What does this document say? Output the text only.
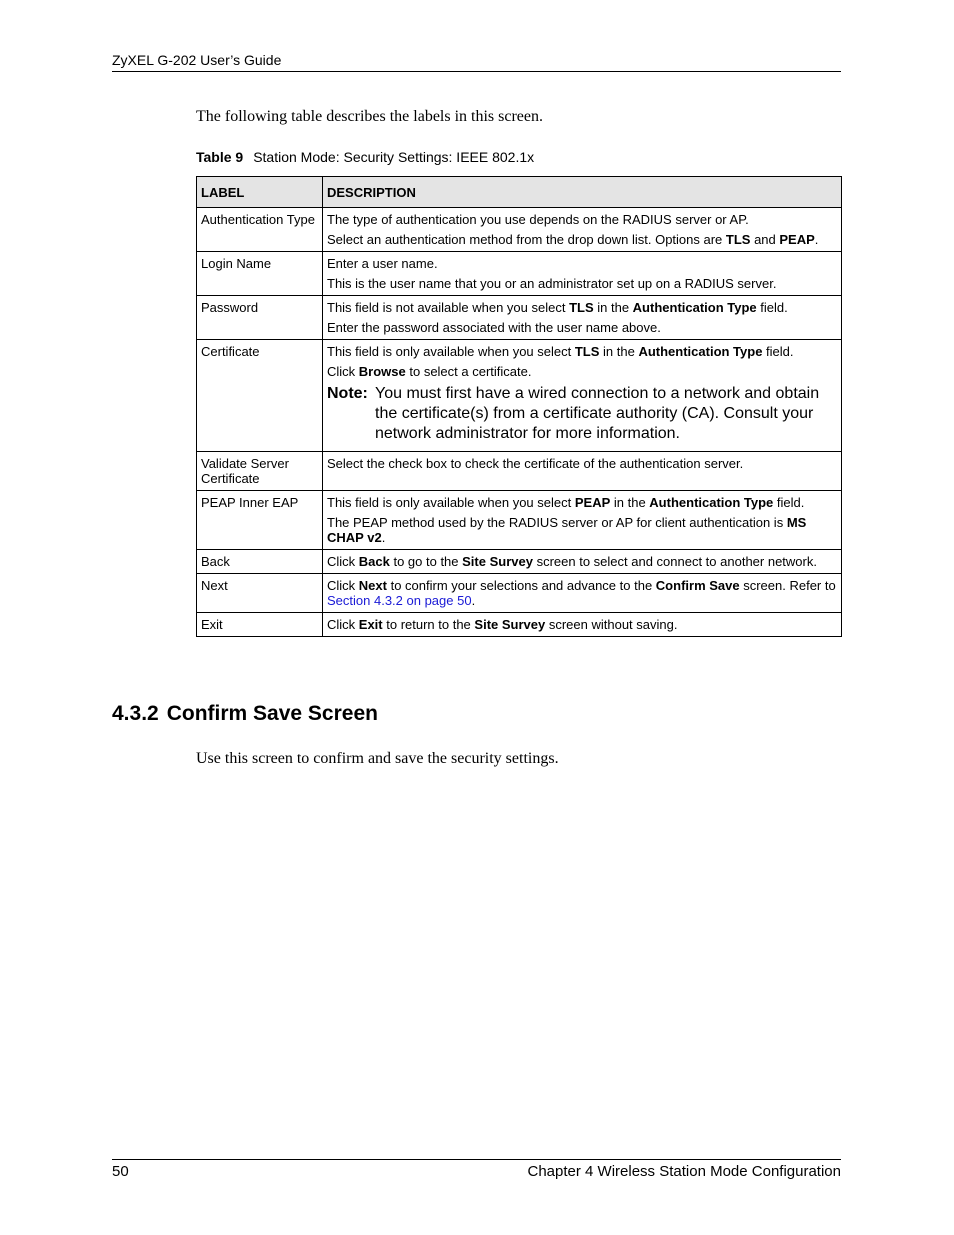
ZyXEL G-202 User’s Guide
The following table describes the labels in this screen.
Table 9 Station Mode: Security Settings: IEEE 802.1x
LABEL	DESCRIPTION
Authentication Type	The type of authentication you use depends on the RADIUS server or AP.
Select an authentication method from the drop down list. Options are TLS and PEAP.

Login Name	Enter a user name.
This is the user name that you or an administrator set up on a RADIUS server.

Password	This field is not available when you select TLS in the Authentication Type field.
Enter the password associated with the user name above.

Certificate	This field is only available when you select TLS in the Authentication Type field.
Click Browse to select a certificate.
Note: You must first have a wired connection to a network and obtain the certificate(s) from a certificate authority (CA). Consult your network administrator for more information.

Validate Server Certificate	Select the check box to check the certificate of the authentication server.

PEAP Inner EAP	This field is only available when you select PEAP in the Authentication Type field.
The PEAP method used by the RADIUS server or AP for client authentication is MS CHAP v2.

Back	Click Back to go to the Site Survey screen to select and connect to another network.

Next	Click Next to confirm your selections and advance to the Confirm Save screen. Refer to Section 4.3.2 on page 50.

Exit	Click Exit to return to the Site Survey screen without saving.
4.3.2 Confirm Save Screen
Use this screen to confirm and save the security settings.
50	Chapter 4 Wireless Station Mode Configuration
